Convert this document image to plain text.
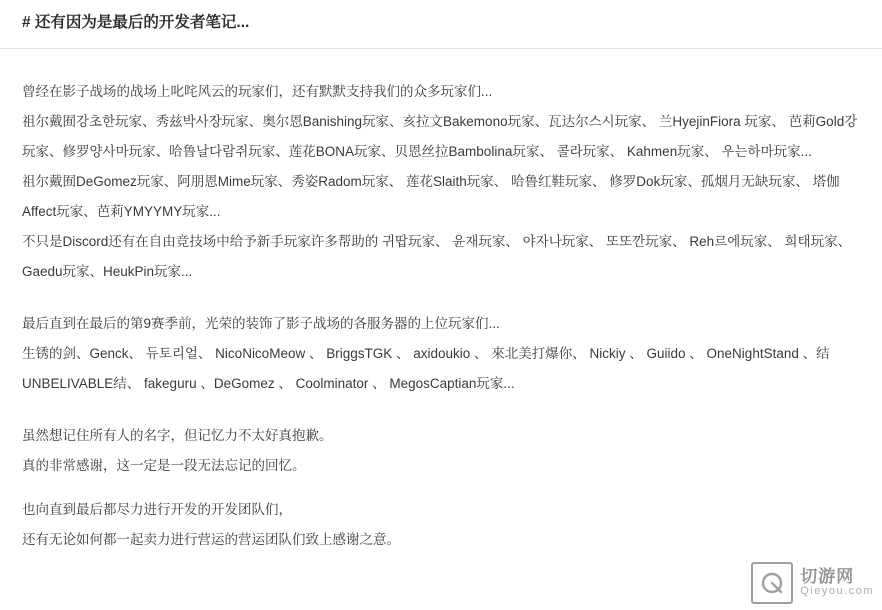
# 还有因为是最后的开发者笔记...

曾经在影子战场的战场上叱咤风云的玩家们，还有默默支持我们的众多玩家们...

祖尔戴囿강초한玩家、秀兹박사장玩家、奥尔恩Banishing玩家、亥拉文Bakemono玩家、瓦达尔스시玩家、 兰HyejinFiora 玩家、 芭莉Gold강玩家、修罗양사마玩家、哈鲁날다람쥐玩家、莲花BONA玩家、贝恩丝拉Bambolina玩家、 콜라玩家、 Kahmen玩家、 우는하마玩家...

祖尔戴囿DeGomez玩家、阿朋恩Mime玩家、秀姿Radom玩家、 莲花Slaith玩家、 哈鲁红鞋玩家、 修罗Dok玩家、孤烟月无缺玩家、 塔伽Affect玩家、芭莉YMYYMY玩家...

不只是Discord还有在自由竞技场中给予新手玩家许多帮助的 귀땁玩家、 윤재玩家、 야자나玩家、 또또깐玩家、 Reh르에玩家、 희태玩家、Gaedu玩家、HeukPin玩家...

最后直到在最后的第9赛季前，光荣的装饰了影子战场的各服务器的上位玩家们...

生锈的剑、Genck、 듀토리얼、 NicoNicoMeow 、 BriggsTGK 、 axidoukio 、 來北美打爆你、 Nickiy 、 Guiido 、 OneNightStand 、结UNBELIVABLE结、 fakeguru 、DeGomez 、 Coolminator 、 MegosCaptian玩家...

虽然想记住所有人的名字，但记忆力不太好真抱歉。

真的非常感谢，这一定是一段无法忘记的回忆。

也向直到最后都尽力进行开发的开发团队们，

还有无论如何都一起卖力进行营运的营运团队们致上感谢之意。

切游网
Qieyou.com
